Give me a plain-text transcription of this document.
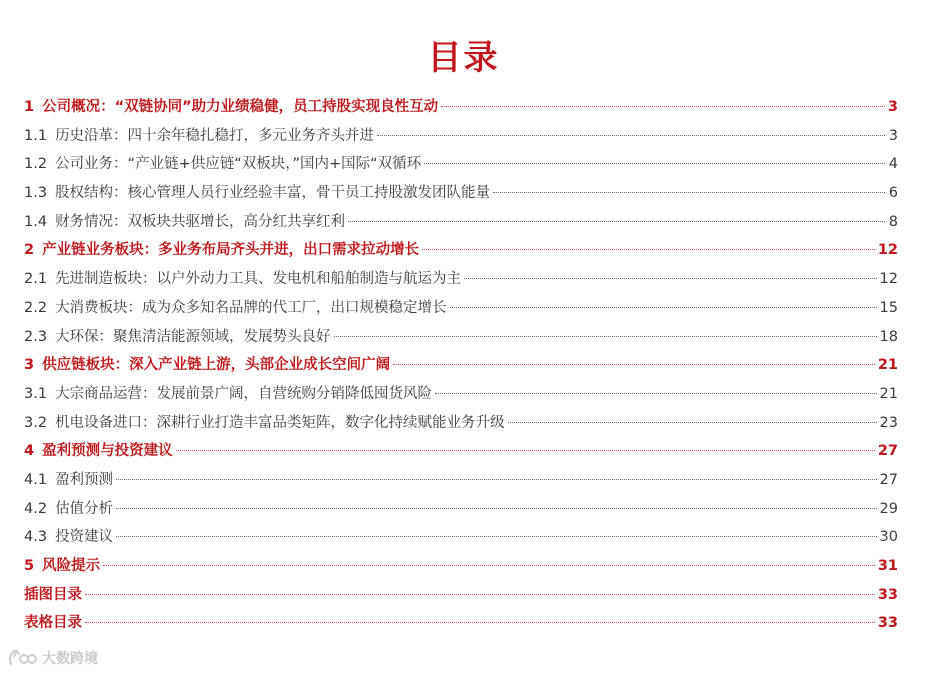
目录
1 公司概况：“双链协同”助力业绩稳健，员工持股实现良性互动	3
1.1 历史沿革：四十余年稳扎稳打，多元业务齐头并进	3
1.2 公司业务：“产业链+供应链“双板块，”国内+国际“双循环	4
1.3 股权结构：核心管理人员行业经验丰富，骨干员工持股激发团队能量	6
1.4 财务情况：双板块共驱增长，高分红共享红利	8
2 产业链业务板块：多业务布局齐头并进，出口需求拉动增长	12
2.1 先进制造板块：以户外动力工具、发电机和船舶制造与航运为主	12
2.2 大消费板块：成为众多知名品牌的代工厂，出口规模稳定增长	15
2.3 大环保：聚焦清洁能源领域，发展势头良好	18
3 供应链板块：深入产业链上游，头部企业成长空间广阔	21
3.1 大宗商品运营：发展前景广阔，自营统购分销降低囤货风险	21
3.2 机电设备进口：深耕行业打造丰富品类矩阵，数字化持续赋能业务升级	23
4 盈利预测与投资建议	27
4.1 盈利预测	27
4.2 估值分析	29
4.3 投资建议	30
5 风险提示	31
插图目录	33
表格目录	33
大数跨境
